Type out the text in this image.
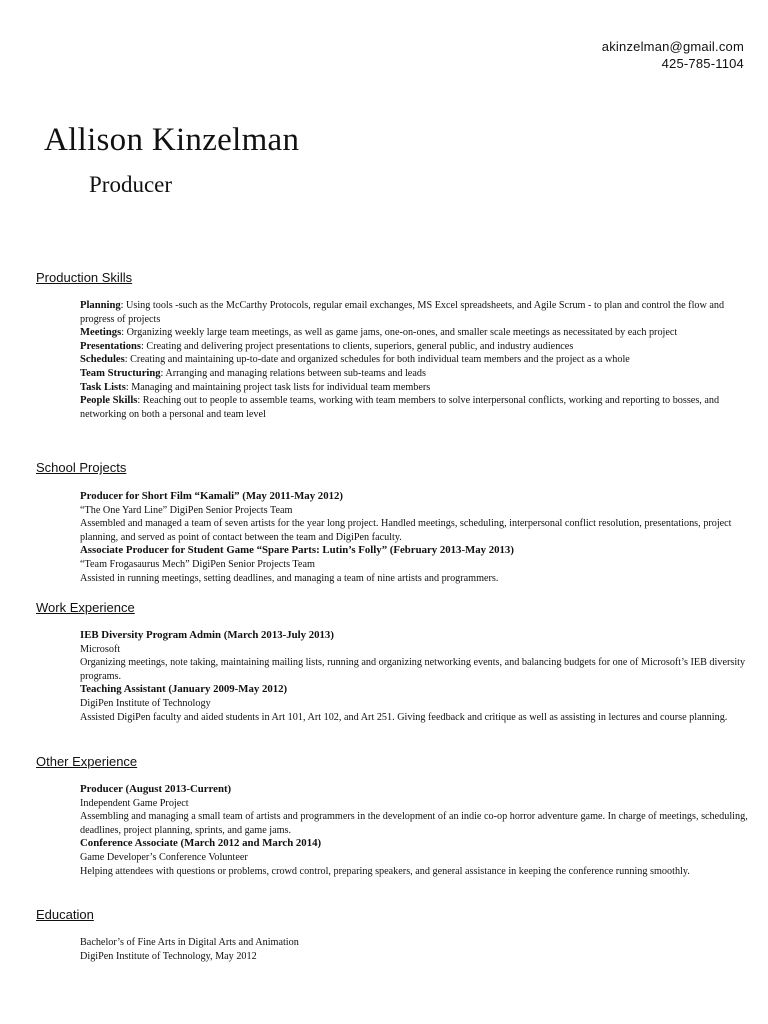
akinzelman@gmail.com
425-785-1104
Allison Kinzelman
Producer
Production Skills

Planning: Using tools -such as the McCarthy Protocols, regular email exchanges, MS Excel spreadsheets, and Agile Scrum - to plan and control the flow and progress of projects

Meetings: Organizing weekly large team meetings, as well as game jams, one-on-ones, and smaller scale meetings as necessitated by each project

Presentations: Creating and delivering project presentations to clients, superiors, general public, and industry audiences

Schedules: Creating and maintaining up-to-date and organized schedules for both individual team members and the project as a whole

Team Structuring: Arranging and managing relations between sub-teams and leads

Task Lists: Managing and maintaining project task lists for individual team members

People Skills: Reaching out to people to assemble teams, working with team members to solve interpersonal conflicts, working and reporting to bosses, and networking on both a personal and team level

School Projects

Producer for Short Film “Kamali” (May 2011-May 2012)

“The One Yard Line” DigiPen Senior Projects Team

Assembled and managed a team of seven artists for the year long project. Handled meetings, scheduling, interpersonal conflict resolution, presentations, project planning, and served as point of contact between the team and DigiPen faculty.

Associate Producer for Student Game “Spare Parts: Lutin’s Folly” (February 2013-May 2013)

“Team Frogasaurus Mech” DigiPen Senior Projects Team

Assisted in running meetings, setting deadlines, and managing a team of nine artists and programmers.

Work Experience

IEB Diversity Program Admin (March 2013-July 2013)

Microsoft

Organizing meetings, note taking, maintaining mailing lists, running and organizing networking events, and balancing budgets for one of Microsoft’s IEB diversity programs.

Teaching Assistant (January 2009-May 2012)

DigiPen Institute of Technology

Assisted DigiPen faculty and aided students in Art 101, Art 102, and Art 251. Giving feedback and critique as well as assisting in lectures and course planning.

Other Experience

Producer (August 2013-Current)

Independent Game Project

Assembling and managing a small team of artists and programmers in the development of an indie co-op horror adventure game. In charge of meetings, scheduling, deadlines, project planning, sprints, and game jams.

Conference Associate (March 2012 and March 2014)

Game Developer’s Conference Volunteer

Helping attendees with questions or problems, crowd control, preparing speakers, and general assistance in keeping the conference running smoothly.

Education

Bachelor’s of Fine Arts in Digital Arts and Animation

DigiPen Institute of Technology, May 2012
